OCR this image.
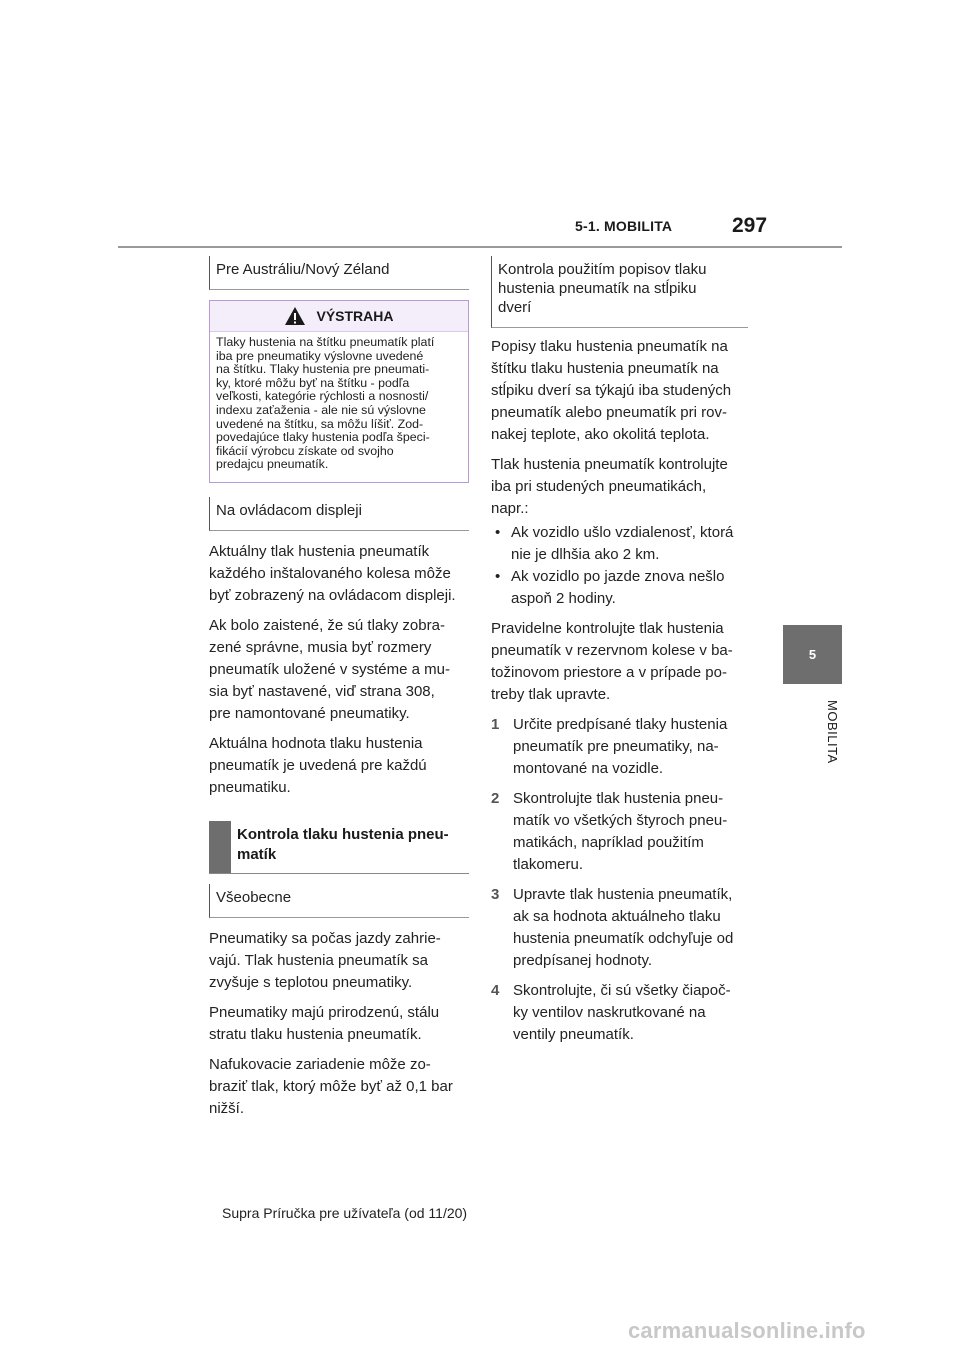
5-1. MOBILITA	297
5
MOBILITA
Pre Austráliu/Nový Zéland
VÝSTRAHA
Tlaky hustenia na štítku pneumatík platí
iba pre pneumatiky výslovne uvedené
na štítku. Tlaky hustenia pre pneumati-
ky, ktoré môžu byť na štítku - podľa
veľkosti, kategórie rýchlosti a nosnosti/
indexu zaťaženia - ale nie sú výslovne
uvedené na štítku, sa môžu líšiť. Zod-
povedajúce tlaky hustenia podľa špeci-
fikácií výrobcu získate od svojho
predajcu pneumatík.
Na ovládacom displeji

Aktuálny tlak hustenia pneumatík
každého inštalovaného kolesa môže
byť zobrazený na ovládacom displeji.

Ak bolo zaistené, že sú tlaky zobra-
zené správne, musia byť rozmery
pneumatík uložené v systéme a mu-
sia byť nastavené, viď strana 308,
pre namontované pneumatiky.

Aktuálna hodnota tlaku hustenia
pneumatík je uvedená pre každú
pneumatiku.

Kontrola tlaku hustenia pneu-
matík
Všeobecne

Pneumatiky sa počas jazdy zahrie-
vajú. Tlak hustenia pneumatík sa
zvyšuje s teplotou pneumatiky.

Pneumatiky majú prirodzenú, stálu
stratu tlaku hustenia pneumatík.

Nafukovacie zariadenie môže zo-
braziť tlak, ktorý môže byť až 0,1 bar
nižší.

Kontrola použitím popisov tlaku
hustenia pneumatík na stĺpiku
dverí

Popisy tlaku hustenia pneumatík na
štítku tlaku hustenia pneumatík na
stĺpiku dverí sa týkajú iba studených
pneumatík alebo pneumatík pri rov-
nakej teplote, ako okolitá teplota.

Tlak hustenia pneumatík kontrolujte
iba pri studených pneumatikách,
napr.:

• Ak vozidlo ušlo vzdialenosť, ktorá
nie je dlhšia ako 2 km.
• Ak vozidlo po jazde znova nešlo
aspoň 2 hodiny.

Pravidelne kontrolujte tlak hustenia
pneumatík v rezervnom kolese v ba-
tožinovom priestore a v prípade po-
treby tlak upravte.

1 Určite predpísané tlaky hustenia
pneumatík pre pneumatiky, na-
montované na vozidle.
2 Skontrolujte tlak hustenia pneu-
matík vo všetkých štyroch pneu-
matikách, napríklad použitím
tlakomeru.
3 Upravte tlak hustenia pneumatík,
ak sa hodnota aktuálneho tlaku
hustenia pneumatík odchyľuje od
predpísanej hodnoty.
4 Skontrolujte, či sú všetky čiapoč-
ky ventilov naskrutkované na
ventily pneumatík.
Supra Príručka pre užívateľa (od 11/20)
carmanualsonline.info
